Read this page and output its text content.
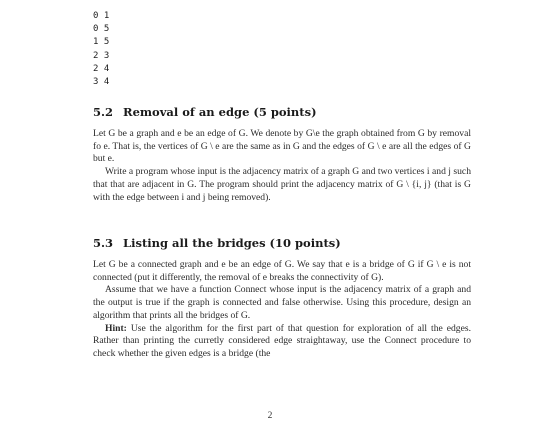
0 1
0 5
1 5
2 3
2 4
3 4
5.2 Removal of an edge (5 points)

Let G be a graph and e be an edge of G. We denote by G\e the graph obtained from G by removal fo e. That is, the vertices of G \ e are the same as in G and the edges of G \ e are all the edges of G but e.

Write a program whose input is the adjacency matrix of a graph G and two vertices i and j such that that are adjacent in G. The program should print the adjacency matrix of G \ {i, j} (that is G with the edge between i and j being removed).

5.3 Listing all the bridges (10 points)

Let G be a connected graph and e be an edge of G. We say that e is a bridge of G if G \ e is not connected (put it differently, the removal of e breaks the connectivity of G).

Assume that we have a function Connect whose input is the adjacency matrix of a graph and the output is true if the graph is connected and false otherwise. Using this procedure, design an algorithm that prints all the bridges of G.

Hint: Use the algorithm for the first part of that question for exploration of all the edges. Rather than printing the curretly considered edge straightaway, use the Connect procedure to check whether the given edges is a bridge (the

2
